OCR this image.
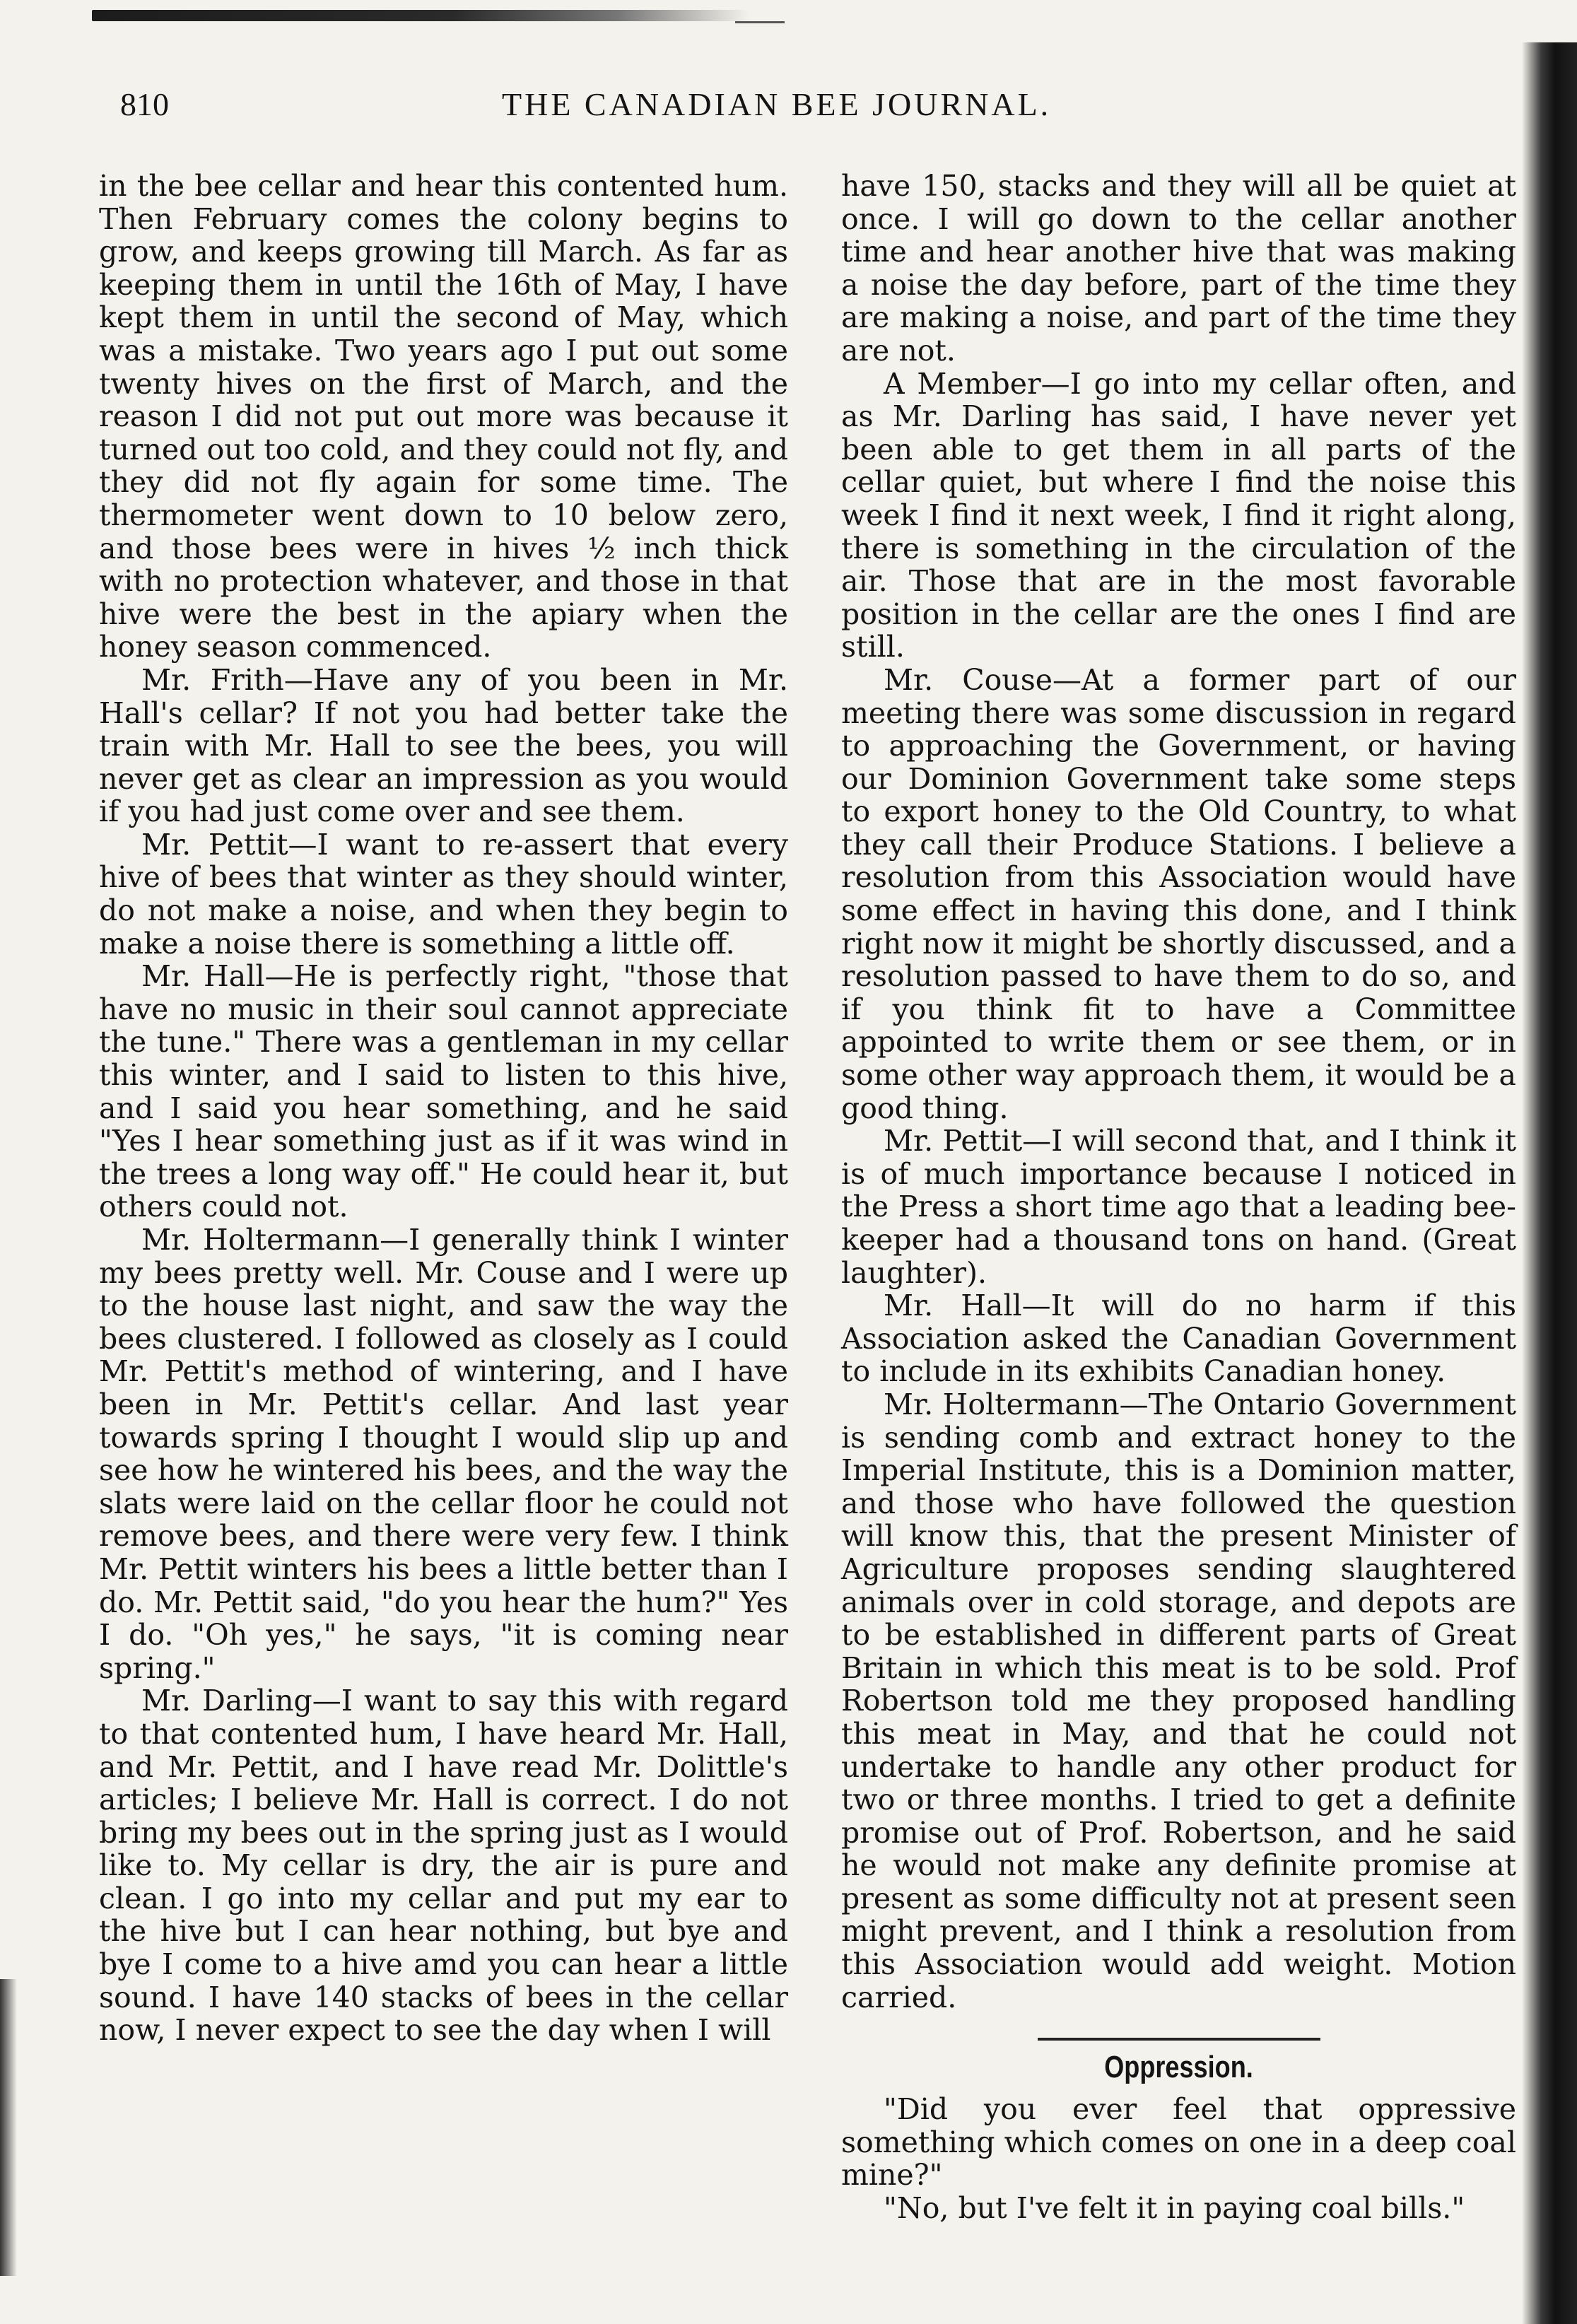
810	THE CANADIAN BEE JOURNAL.

in the bee cellar and hear this contented hum. Then February comes the colony begins to grow, and keeps growing till March. As far as keeping them in until the 16th of May, I have kept them in until the second of May, which was a mistake. Two years ago I put out some twenty hives on the first of March, and the reason I did not put out more was because it turned out too cold, and they could not fly, and they did not fly again for some time. The thermometer went down to 10 below zero, and those bees were in hives ½ inch thick with no protection whatever, and those in that hive were the best in the apiary when the honey season commenced.

Mr. Frith—Have any of you been in Mr. Hall's cellar? If not you had better take the train with Mr. Hall to see the bees, you will never get as clear an impression as you would if you had just come over and see them.

Mr. Pettit—I want to re-assert that every hive of bees that winter as they should winter, do not make a noise, and when they begin to make a noise there is something a little off.

Mr. Hall—He is perfectly right, "those that have no music in their soul cannot appreciate the tune." There was a gentleman in my cellar this winter, and I said to listen to this hive, and I said you hear something, and he said "Yes I hear something just as if it was wind in the trees a long way off." He could hear it, but others could not.

Mr. Holtermann—I generally think I winter my bees pretty well. Mr. Couse and I were up to the house last night, and saw the way the bees clustered. I followed as closely as I could Mr. Pettit's method of wintering, and I have been in Mr. Pettit's cellar. And last year towards spring I thought I would slip up and see how he wintered his bees, and the way the slats were laid on the cellar floor he could not remove bees, and there were very few. I think Mr. Pettit winters his bees a little better than I do. Mr. Pettit said, "do you hear the hum?" Yes I do. "Oh yes," he says, "it is coming near spring."

Mr. Darling—I want to say this with regard to that contented hum, I have heard Mr. Hall, and Mr. Pettit, and I have read Mr. Dolittle's articles; I believe Mr. Hall is correct. I do not bring my bees out in the spring just as I would like to. My cellar is dry, the air is pure and clean. I go into my cellar and put my ear to the hive but I can hear nothing, but bye and bye I come to a hive amd you can hear a little sound. I have 140 stacks of bees in the cellar now, I never expect to see the day when I will

have 150, stacks and they will all be quiet at once. I will go down to the cellar another time and hear another hive that was making a noise the day before, part of the time they are making a noise, and part of the time they are not.

A Member—I go into my cellar often, and as Mr. Darling has said, I have never yet been able to get them in all parts of the cellar quiet, but where I find the noise this week I find it next week, I find it right along, there is something in the circulation of the air. Those that are in the most favorable position in the cellar are the ones I find are still.

Mr. Couse—At a former part of our meeting there was some discussion in regard to approaching the Government, or having our Dominion Government take some steps to export honey to the Old Country, to what they call their Produce Stations. I believe a resolution from this Association would have some effect in having this done, and I think right now it might be shortly discussed, and a resolution passed to have them to do so, and if you think fit to have a Committee appointed to write them or see them, or in some other way approach them, it would be a good thing.

Mr. Pettit—I will second that, and I think it is of much importance because I noticed in the Press a short time ago that a leading bee-keeper had a thousand tons on hand. (Great laughter).

Mr. Hall—It will do no harm if this Association asked the Canadian Government to include in its exhibits Canadian honey.

Mr. Holtermann—The Ontario Government is sending comb and extract honey to the Imperial Institute, this is a Dominion matter, and those who have followed the question will know this, that the present Minister of Agriculture proposes sending slaughtered animals over in cold storage, and depots are to be established in different parts of Great Britain in which this meat is to be sold. Prof Robertson told me they proposed handling this meat in May, and that he could not undertake to handle any other product for two or three months. I tried to get a definite promise out of Prof. Robertson, and he said he would not make any definite promise at present as some difficulty not at present seen might prevent, and I think a resolution from this Association would add weight. Motion carried.

Oppression.

"Did you ever feel that oppressive something which comes on one in a deep coal mine?"

"No, but I've felt it in paying coal bills."
